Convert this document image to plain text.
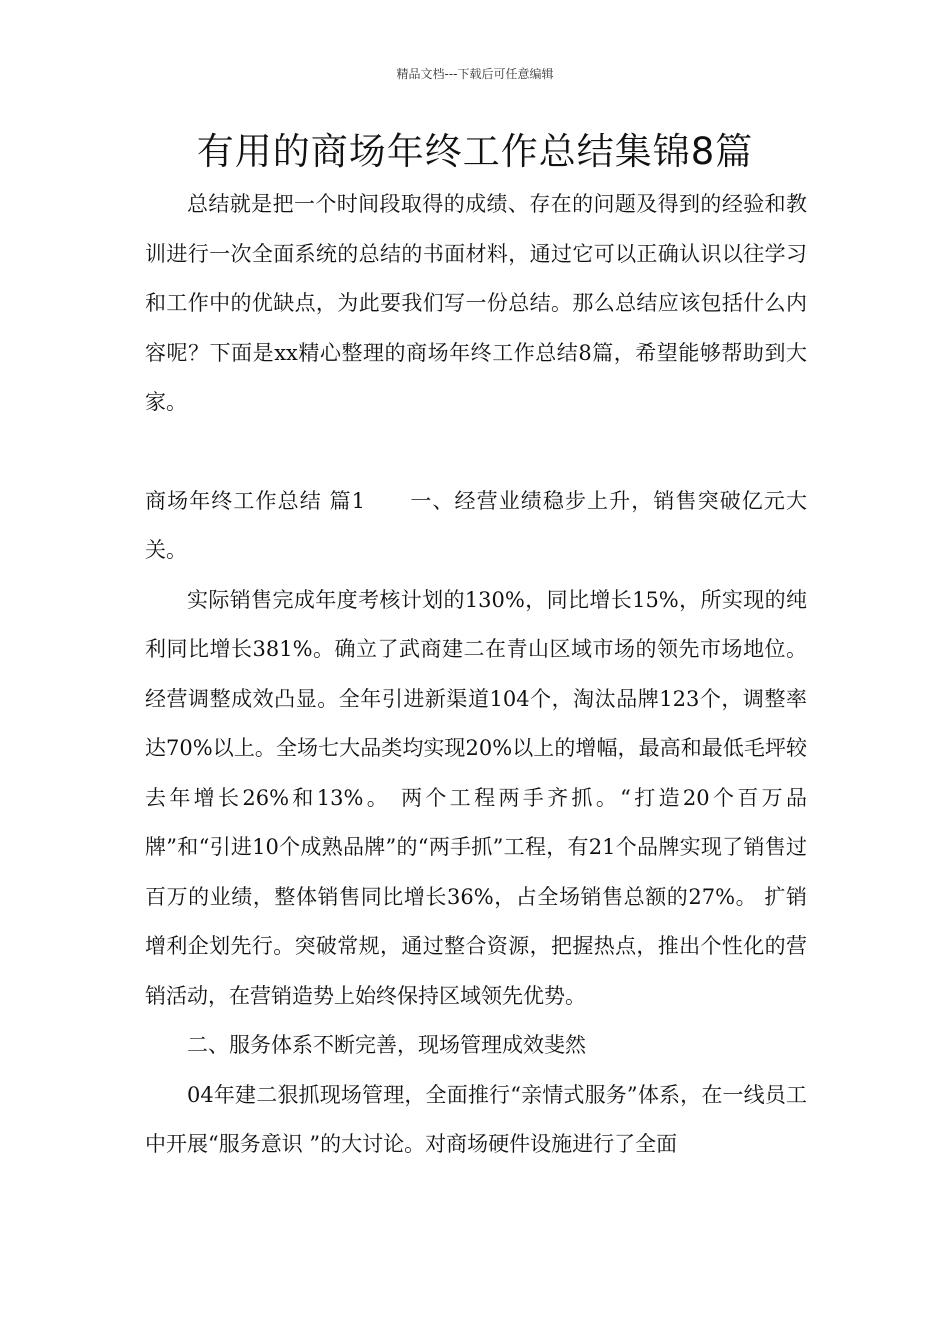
精品文档---下载后可任意编辑
有用的商场年终工作总结集锦8篇

总结就是把一个时间段取得的成绩、存在的问题及得到的经验和教训进行一次全面系统的总结的书面材料，通过它可以正确认识以往学习和工作中的优缺点，为此要我们写一份总结。那么总结应该包括什么内容呢？下面是xx精心整理的商场年终工作总结8篇，希望能够帮助到大家。

商场年终工作总结 篇1　　一、经营业绩稳步上升，销售突破亿元大关。

实际销售完成年度考核计划的130%，同比增长15%，所实现的纯利同比增长381%。确立了武商建二在青山区域市场的领先市场地位。 经营调整成效凸显。全年引进新渠道104个，淘汰品牌123个，调整率达70%以上。全场七大品类均实现20%以上的增幅，最高和最低毛坪较去年增长26%和13%。 两个工程两手齐抓。“打造20个百万品牌”和“引进10个成熟品牌”的“两手抓”工程，有21个品牌实现了销售过百万的业绩，整体销售同比增长36%，占全场销售总额的27%。 扩销增利企划先行。突破常规，通过整合资源，把握热点，推出个性化的营销活动，在营销造势上始终保持区域领先优势。

二、服务体系不断完善，现场管理成效斐然

04年建二狠抓现场管理，全面推行“亲情式服务”体系，在一线员工中开展“服务意识 ”的大讨论。对商场硬件设施进行了全面
